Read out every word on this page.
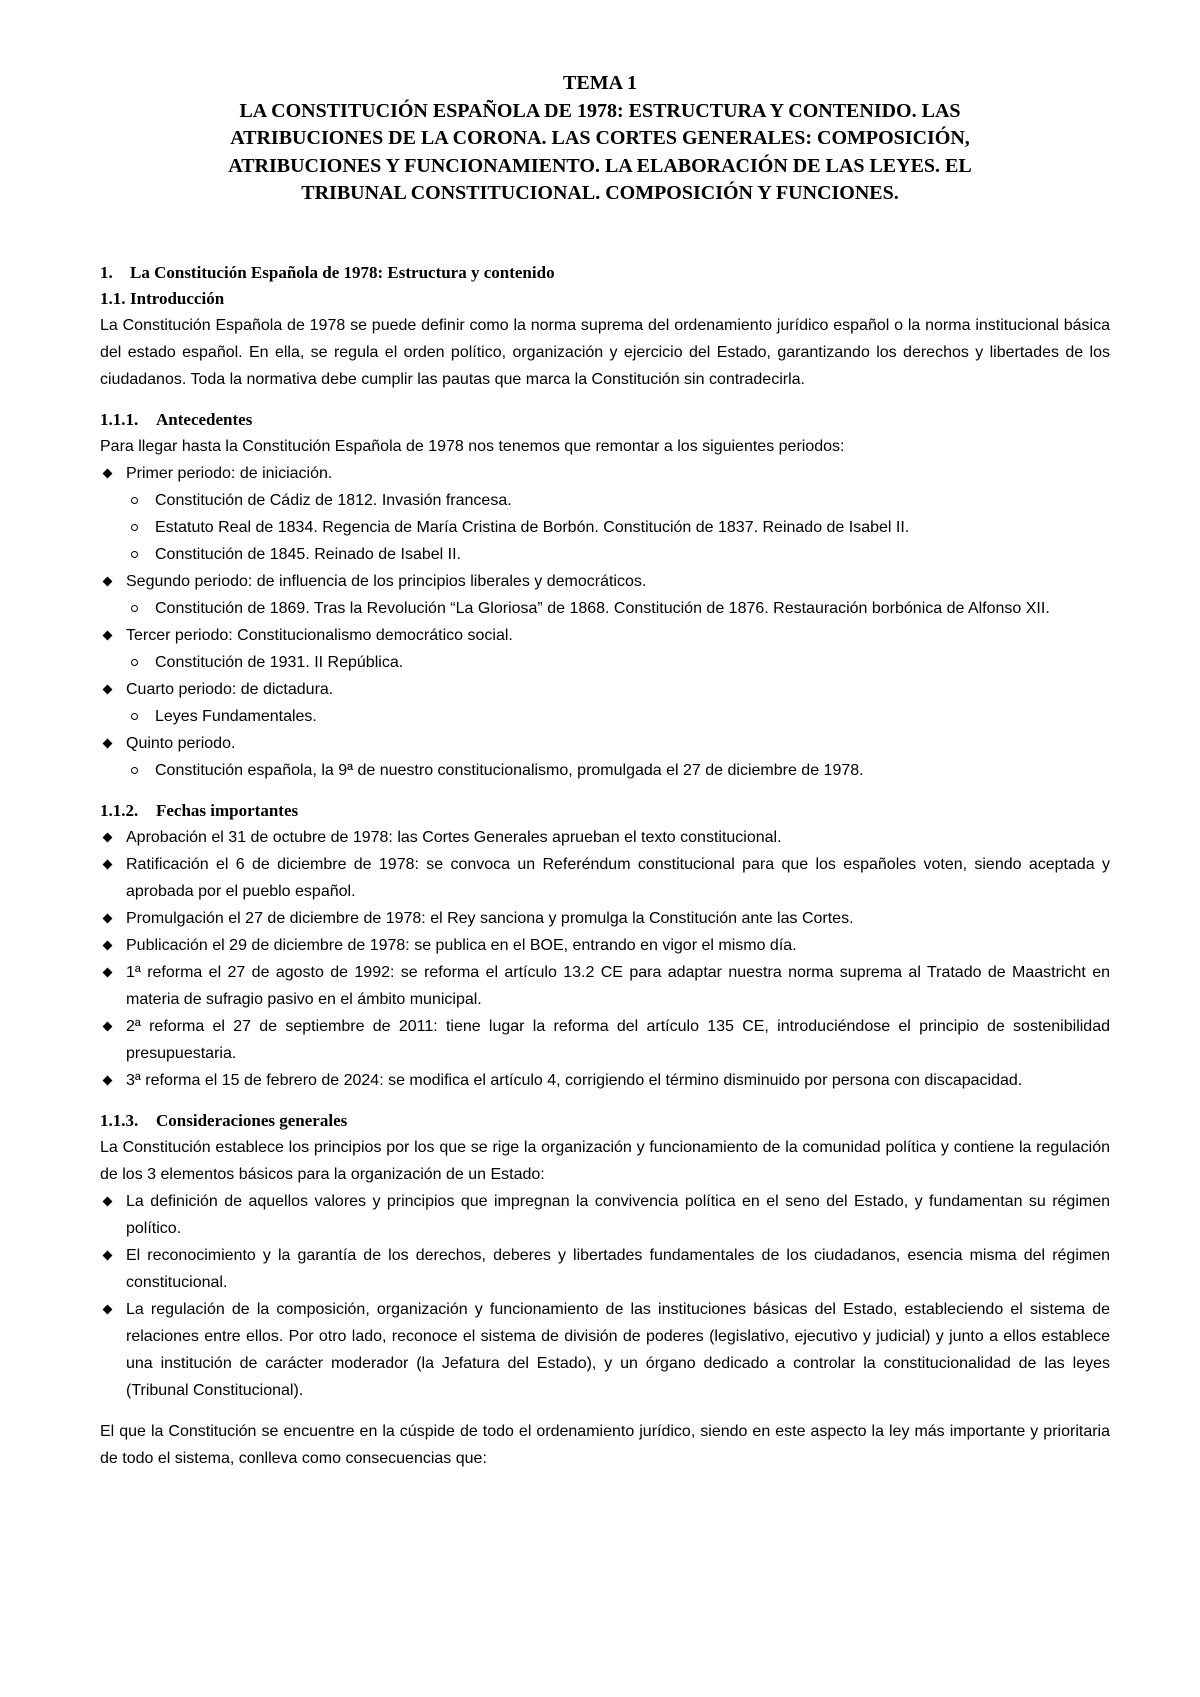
TEMA 1
LA CONSTITUCIÓN ESPAÑOLA DE 1978: ESTRUCTURA Y CONTENIDO. LAS
ATRIBUCIONES DE LA CORONA. LAS CORTES GENERALES: COMPOSICIÓN,
ATRIBUCIONES Y FUNCIONAMIENTO. LA ELABORACIÓN DE LAS LEYES. EL
TRIBUNAL CONSTITUCIONAL. COMPOSICIÓN Y FUNCIONES.
1. La Constitución Española de 1978: Estructura y contenido
1.1. Introducción

La Constitución Española de 1978 se puede definir como la norma suprema del ordenamiento jurídico español o la norma institucional básica del estado español. En ella, se regula el orden político, organización y ejercicio del Estado, garantizando los derechos y libertades de los ciudadanos. Toda la normativa debe cumplir las pautas que marca la Constitución sin contradecirla.

1.1.1. Antecedentes

Para llegar hasta la Constitución Española de 1978 nos tenemos que remontar a los siguientes periodos:

Primer periodo: de iniciación.
Constitución de Cádiz de 1812. Invasión francesa.
Estatuto Real de 1834. Regencia de María Cristina de Borbón. Constitución de 1837. Reinado de Isabel II.
Constitución de 1845. Reinado de Isabel II.
Segundo periodo: de influencia de los principios liberales y democráticos.
Constitución de 1869. Tras la Revolución “La Gloriosa” de 1868. Constitución de 1876. Restauración borbónica de Alfonso XII.
Tercer periodo: Constitucionalismo democrático social.
Constitución de 1931. II República.
Cuarto periodo: de dictadura.
Leyes Fundamentales.
Quinto periodo.
Constitución española, la 9ª de nuestro constitucionalismo, promulgada el 27 de diciembre de 1978.
1.1.2. Fechas importantes
Aprobación el 31 de octubre de 1978: las Cortes Generales aprueban el texto constitucional.
Ratificación el 6 de diciembre de 1978: se convoca un Referéndum constitucional para que los españoles voten, siendo aceptada y aprobada por el pueblo español.
Promulgación el 27 de diciembre de 1978: el Rey sanciona y promulga la Constitución ante las Cortes.
Publicación el 29 de diciembre de 1978: se publica en el BOE, entrando en vigor el mismo día.
1ª reforma el 27 de agosto de 1992: se reforma el artículo 13.2 CE para adaptar nuestra norma suprema al Tratado de Maastricht en materia de sufragio pasivo en el ámbito municipal.
2ª reforma el 27 de septiembre de 2011: tiene lugar la reforma del artículo 135 CE, introduciéndose el principio de sostenibilidad presupuestaria.
3ª reforma el 15 de febrero de 2024: se modifica el artículo 4, corrigiendo el término disminuido por persona con discapacidad.
1.1.3. Consideraciones generales

La Constitución establece los principios por los que se rige la organización y funcionamiento de la comunidad política y contiene la regulación de los 3 elementos básicos para la organización de un Estado:

La definición de aquellos valores y principios que impregnan la convivencia política en el seno del Estado, y fundamentan su régimen político.
El reconocimiento y la garantía de los derechos, deberes y libertades fundamentales de los ciudadanos, esencia misma del régimen constitucional.
La regulación de la composición, organización y funcionamiento de las instituciones básicas del Estado, estableciendo el sistema de relaciones entre ellos. Por otro lado, reconoce el sistema de división de poderes (legislativo, ejecutivo y judicial) y junto a ellos establece una institución de carácter moderador (la Jefatura del Estado), y un órgano dedicado a controlar la constitucionalidad de las leyes (Tribunal Constitucional).

El que la Constitución se encuentre en la cúspide de todo el ordenamiento jurídico, siendo en este aspecto la ley más importante y prioritaria de todo el sistema, conlleva como consecuencias que:
